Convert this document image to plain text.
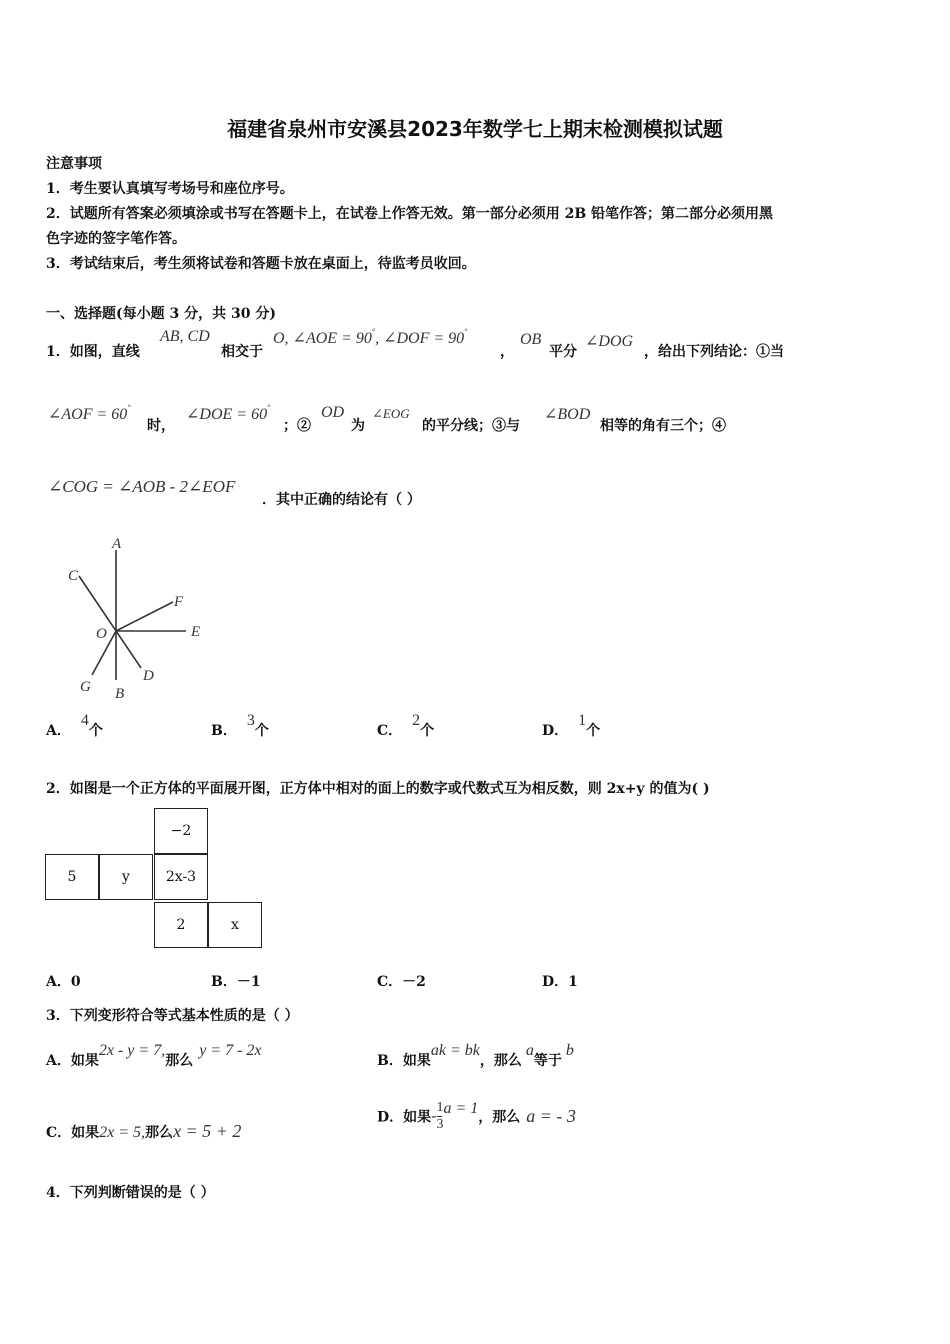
福建省泉州市安溪县2023年数学七上期末检测模拟试题
注意事项
1．考生要认真填写考场号和座位序号。
2．试题所有答案必须填涂或书写在答题卡上，在试卷上作答无效。第一部分必须用 2B 铅笔作答；第二部分必须用黑
色字迹的签字笔作答。
3．考试结束后，考生须将试卷和答题卡放在桌面上，待监考员收回。
一、选择题(每小题 3 分，共 30 分)
1．如图，直线
AB, CD
相交于
O, ∠AOE = 90°, ∠DOF = 90°
，
OB
平分
∠DOG
，给出下列结论：①当
∠AOF = 60°
时，
∠DOE = 60°
；②
OD
为
∠EOG
的平分线；③与
∠BOD
相等的角有三个；④
∠COG = ∠AOB - 2∠EOF
．其中正确的结论有（ ）
A
C
F
E
O
G B
D
A．4个	B．3个	C．2个	D．1个
2．如图是一个正方体的平面展开图，正方体中相对的面上的数字或代数式互为相反数，则 2x+y 的值为( )
−2
5	y	2x-3
2	x
A．0	B．－1	C．－2	D．1
3．下列变形符合等式基本性质的是（ ）
A．如果2x - y = 7,那么y = 7 - 2x
B．如果ak = bk，那么a等于b
C．如果2x = 5,那么x = 5 + 2
D．如果- $\frac{1}{3}$ a = 1，那么 a = - 3
4．下列判断错误的是（ ）
